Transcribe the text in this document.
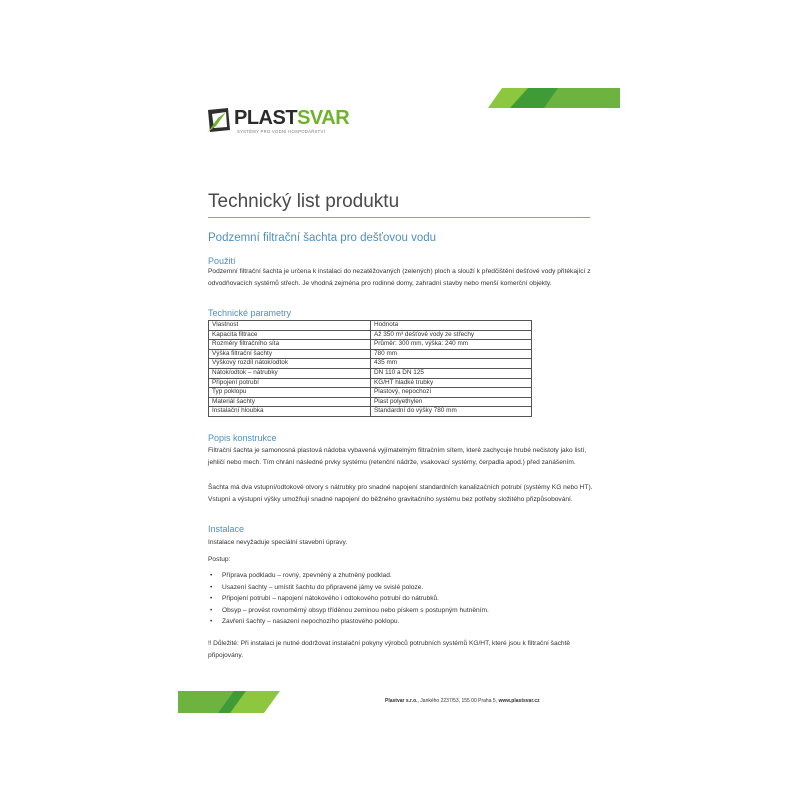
PLASTSVAR
SYSTÉMY PRO VODNÍ HOSPODÁŘSTVÍ
Technický list produktu
Podzemní filtrační šachta pro dešťovou vodu
Použití
Podzemní filtrační šachta je určena k instalaci do nezatěžovaných (zelených) ploch a slouží k předčištění dešťové vody přitékající z odvodňovacích systémů střech. Je vhodná zejména pro rodinné domy, zahradní stavby nebo menší komerční objekty.
Technické parametry
Vlastnost	Hodnota
Kapacita filtrace	Až 350 m³ dešťové vody ze střechy
Rozměry filtračního síta	Průměr: 300 mm, výška: 240 mm
Výška filtrační šachty	780 mm
Výškový rozdíl nátok/odtok	435 mm
Nátok/odtok – nátrubky	DN 110 a DN 125
Připojení potrubí	KG/HT hladké trubky
Typ poklopu	Plastový, nepochozí
Materiál šachty	Plast polyethylen
Instalační hloubka	Standardní do výšky 780 mm
Popis konstrukce
Filtrační šachta je samonosná plastová nádoba vybavená vyjímatelným filtračním sítem, které zachycuje hrubé nečistoty jako listí, jehličí nebo mech. Tím chrání následné prvky systému (retenční nádrže, vsakovací systémy, čerpadla apod.) před zanášením.
Šachta má dva vstupní/odtokové otvory s nátrubky pro snadné napojení standardních kanalizačních potrubí (systémy KG nebo HT). Vstupní a výstupní výšky umožňují snadné napojení do běžného gravitačního systému bez potřeby složitého přizpůsobování.
Instalace
Instalace nevyžaduje speciální stavební úpravy.
Postup:
• Příprava podkladu – rovný, zpevněný a zhutněný podklad.
• Usazení šachty – umístit šachtu do připravené jámy ve svislé poloze.
• Připojení potrubí – napojení nátokového i odtokového potrubí do nátrubků.
• Obsyp – provést rovnoměrný obsyp tříděnou zeminou nebo pískem s postupným hutněním.
• Zavření šachty – nasazení nepochozího plastového poklopu.
‼ Důležité: Při instalaci je nutné dodržovat instalační pokyny výrobců potrubních systémů KG/HT, které jsou k filtrační šachtě připojovány.
Plastvar s.r.o., Jankého 2237/53, 155 00 Praha 5, www.plastsvar.cz
